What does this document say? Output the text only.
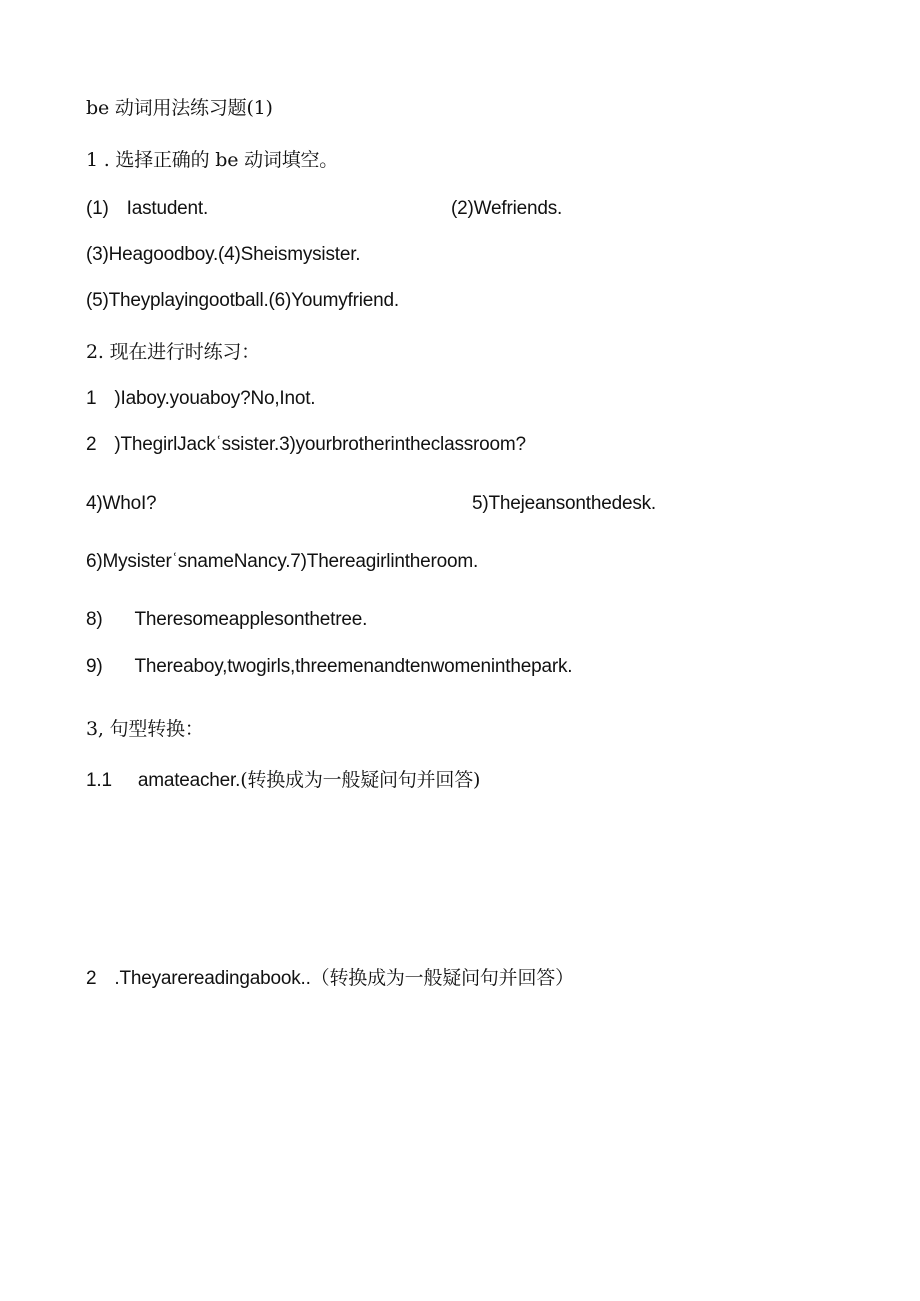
be 动词用法练习题(1)
1 . 选择正确的 be 动词填空。
(1) Iastudent.	(2)Wefriends.
(3)Heagoodboy.(4)Sheismysister.
(5)Theyplayingootball.(6)Youmyfriend.
2. 现在进行时练习：
1 )Iaboy.youaboy?No,Inot.
2 )ThegirlJackʿssister.3)yourbrotherintheclassroom?
4)WhoI?	5)Thejeansonthedesk.
6)MysisterʿsnameNancy.7)Thereagirlintheroom.
8) Theresomeapplesonthetree.
9) Thereaboy,twogirls,threemenandtenwomeninthepark.
3, 句型转换：
1.1 amateacher.(转换成为一般疑问句并回答)
2 .Theyarereadingabook..（转换成为一般疑问句并回答）
